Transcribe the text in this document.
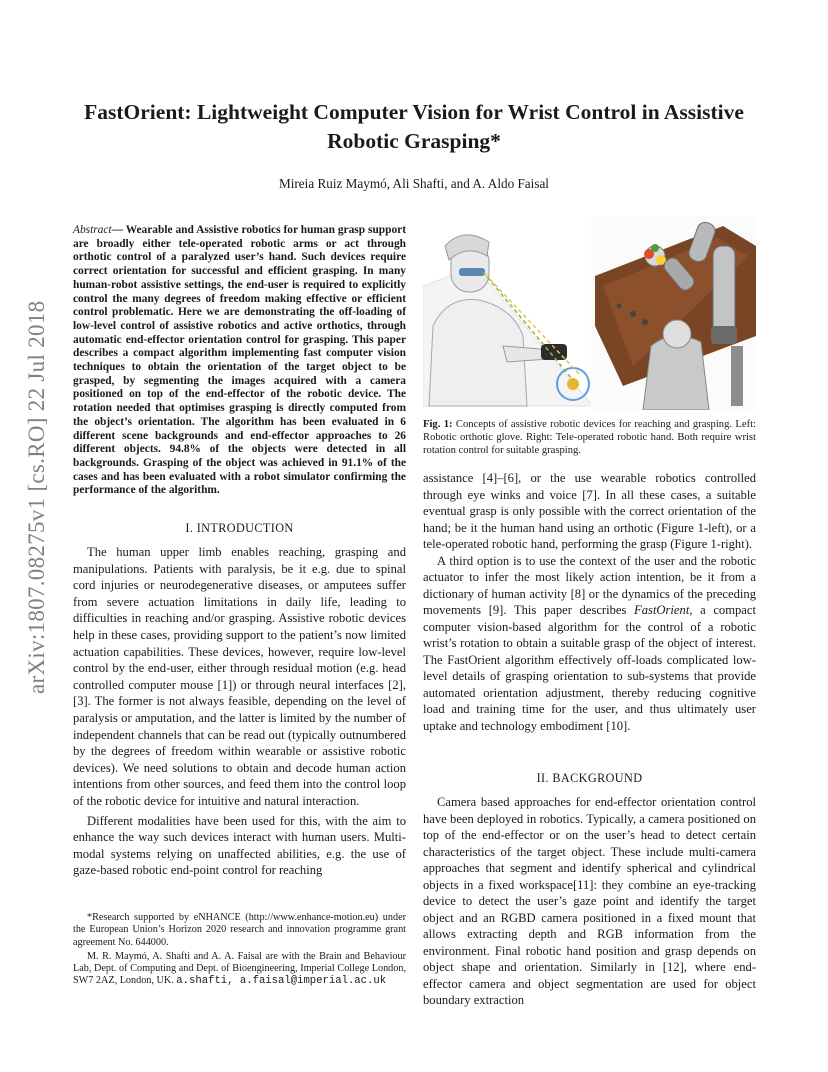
FastOrient: Lightweight Computer Vision for Wrist Control in Assistive Robotic Grasping*
Mireia Ruiz Maymó, Ali Shafti, and A. Aldo Faisal
arXiv:1807.08275v1 [cs.RO] 22 Jul 2018

Abstract— Wearable and Assistive robotics for human grasp support are broadly either tele-operated robotic arms or act through orthotic control of a paralyzed user’s hand. Such devices require correct orientation for successful and efficient grasping. In many human-robot assistive settings, the end-user is required to explicitly control the many degrees of freedom making effective or efficient control problematic. Here we are demonstrating the off-loading of low-level control of assistive robotics and active orthotics, through automatic end-effector orientation control for grasping. This paper describes a compact algorithm implementing fast computer vision techniques to obtain the orientation of the target object to be grasped, by segmenting the images acquired with a camera positioned on top of the end-effector of the robotic device. The rotation needed that optimises grasping is directly computed from the object’s orientation. The algorithm has been evaluated in 6 different scene backgrounds and end-effector approaches to 26 different objects. 94.8% of the objects were detected in all backgrounds. Grasping of the object was achieved in 91.1% of the cases and has been evaluated with a robot simulator confirming the performance of the algorithm.

I. INTRODUCTION

The human upper limb enables reaching, grasping and manipulations. Patients with paralysis, be it e.g. due to spinal cord injuries or neurodegenerative diseases, or amputees suffer from severe actuation limitations in daily life, leading to difficulties in reaching and/or grasping. Assistive robotic devices help in these cases, providing support to the patient’s now limited actuation capabilities. These devices, however, require low-level control by the end-user, either through residual motion (e.g. head controlled computer mouse [1]) or through neural interfaces [2], [3]. The former is not always feasible, depending on the level of paralysis or amputation, and the latter is limited by the number of independent channels that can be read out (typically outnumbered by the degrees of freedom within wearable or assistive robotic devices). We need solutions to obtain and decode human action intentions from other sources, and feed them into the control loop of the robotic device for intuitive and natural interaction.

Different modalities have been used for this, with the aim to enhance the way such devices interact with human users. Multi-modal systems relying on unaffected abilities, e.g. the use of gaze-based robotic end-point control for reaching

*Research supported by eNHANCE (http://www.enhance-motion.eu) under the European Union’s Horizon 2020 research and innovation programme grant agreement No. 644000.

M. R. Maymó, A. Shafti and A. A. Faisal are with the Brain and Behaviour Lab, Dept. of Computing and Dept. of Bioengineering, Imperial College London, SW7 2AZ, London, UK. a.shafti, a.faisal@imperial.ac.uk

Fig. 1: Concepts of assistive robotic devices for reaching and grasping. Left: Robotic orthotic glove. Right: Tele-operated robotic hand. Both require wrist rotation control for suitable grasping.

assistance [4]–[6], or the use wearable robotics controlled through eye winks and voice [7]. In all these cases, a suitable eventual grasp is only possible with the correct orientation of the hand; be it the human hand using an orthotic (Figure 1-left), or a tele-operated robotic hand, performing the grasp (Figure 1-right).

A third option is to use the context of the user and the robotic actuator to infer the most likely action intention, be it from a dictionary of human activity [8] or the dynamics of the preceding movements [9]. This paper describes FastOrient, a compact computer vision-based algorithm for the control of a robotic wrist’s rotation to obtain a suitable grasp of the object of interest. The FastOrient algorithm effectively off-loads complicated low-level details of grasping orientation to sub-systems that provide automated orientation adjustment, thereby reducing cognitive load and training time for the user, and thus ultimately user uptake and technology embodiment [10].

II. BACKGROUND

Camera based approaches for end-effector orientation control have been deployed in robotics. Typically, a camera positioned on top of the end-effector or on the user’s head to detect certain characteristics of the target object. These include multi-camera approaches that segment and identify spherical and cylindrical objects in a fixed workspace[11]: they combine an eye-tracking device to detect the user’s gaze point and identify the target object and an RGBD camera positioned in a fixed mount that allows extracting depth and RGB information from the environment. Final robotic hand position and grasp depends on object shape and orientation. Similarly in [12], where end-effector camera and object segmentation are used for object boundary extraction
